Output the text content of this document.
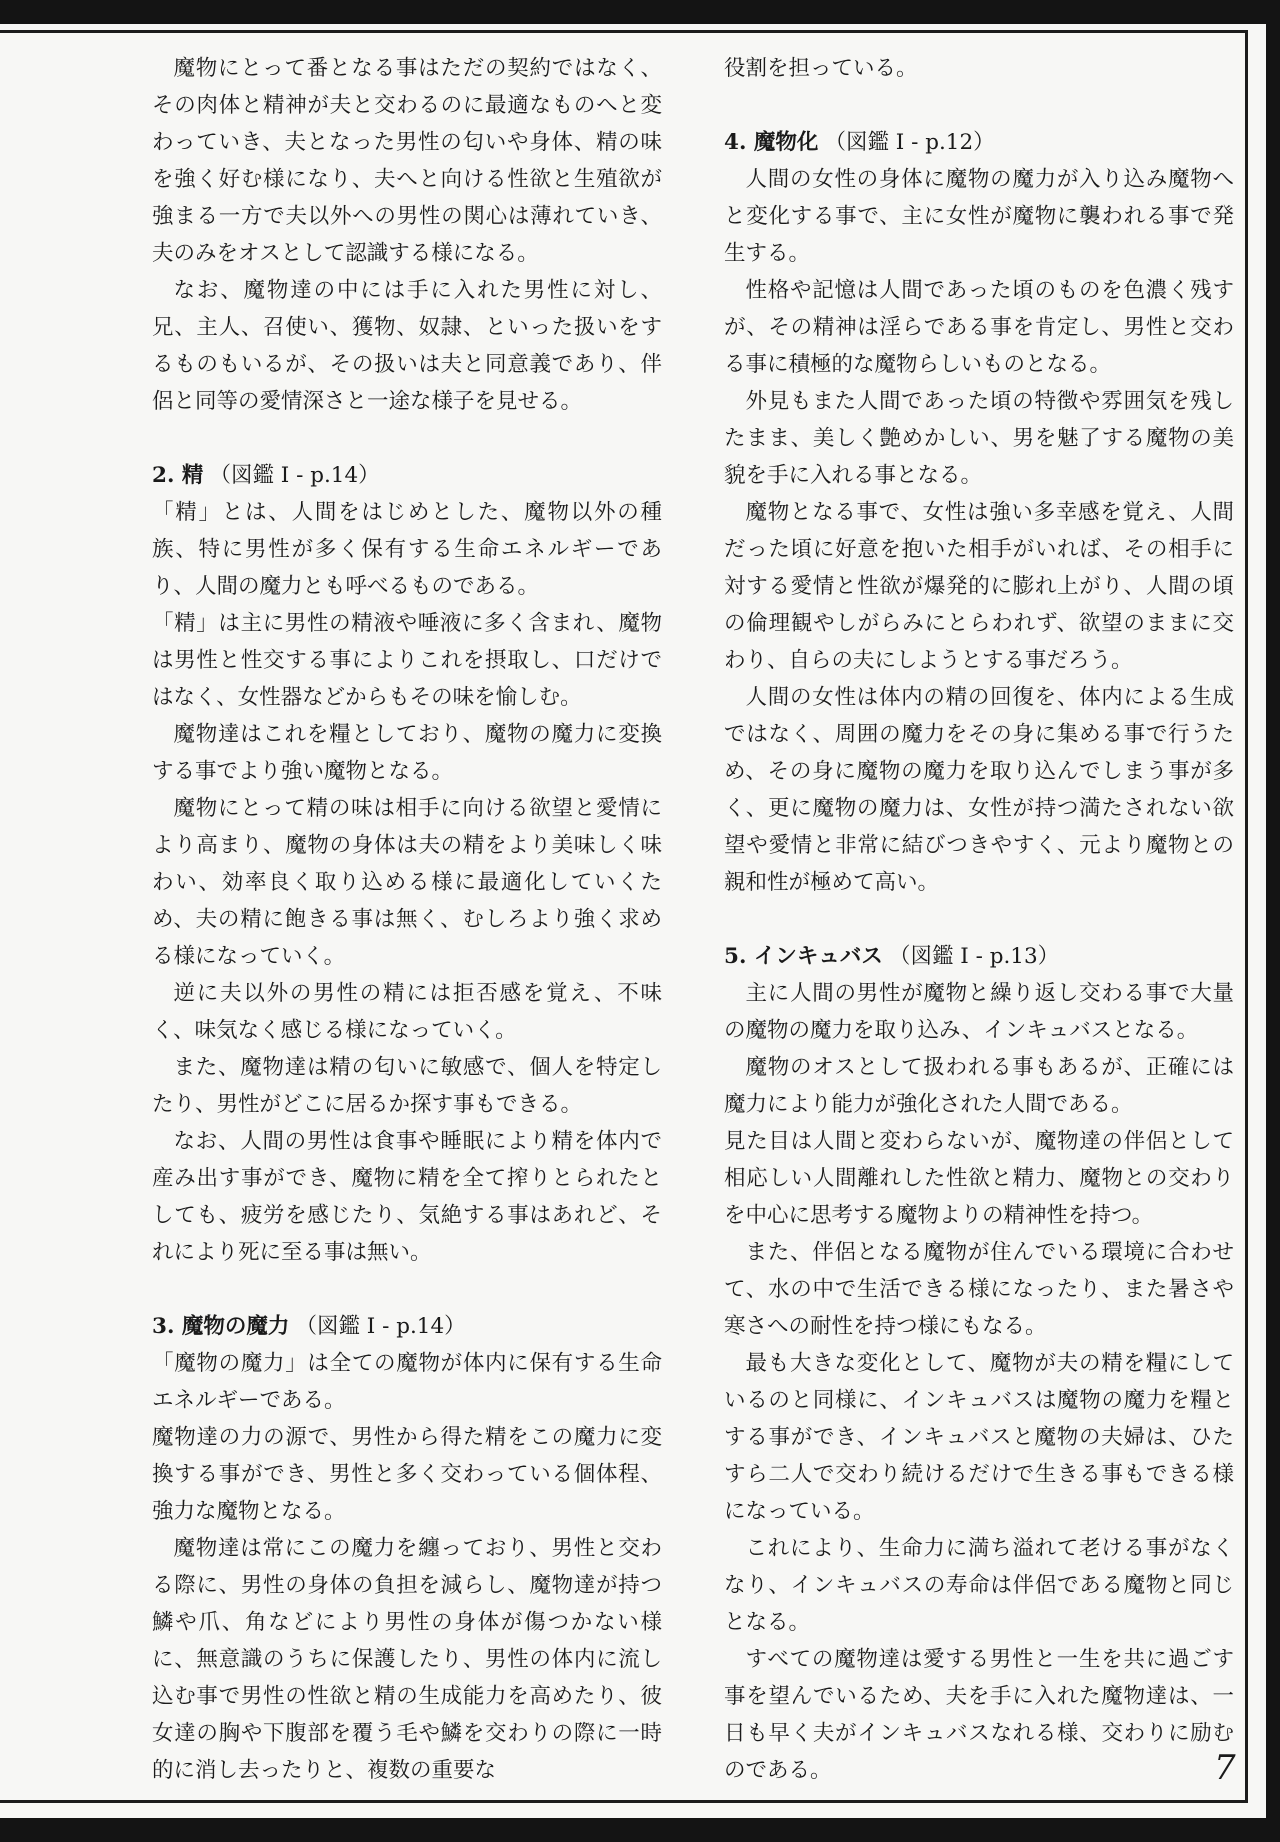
魔物にとって番となる事はただの契約ではなく、その肉体と精神が夫と交わるのに最適なものへと変わっていき、夫となった男性の匂いや身体、精の味を強く好む様になり、夫へと向ける性欲と生殖欲が強まる一方で夫以外への男性の関心は薄れていき、夫のみをオスとして認識する様になる。

なお、魔物達の中には手に入れた男性に対し、兄、主人、召使い、獲物、奴隷、といった扱いをするものもいるが、その扱いは夫と同意義であり、伴侶と同等の愛情深さと一途な様子を見せる。

2. 精 （図鑑 I - p.14）

「精」とは、人間をはじめとした、魔物以外の種族、特に男性が多く保有する生命エネルギーであり、人間の魔力とも呼べるものである。

「精」は主に男性の精液や唾液に多く含まれ、魔物は男性と性交する事によりこれを摂取し、口だけではなく、女性器などからもその味を愉しむ。

魔物達はこれを糧としており、魔物の魔力に変換する事でより強い魔物となる。

魔物にとって精の味は相手に向ける欲望と愛情により高まり、魔物の身体は夫の精をより美味しく味わい、効率良く取り込める様に最適化していくため、夫の精に飽きる事は無く、むしろより強く求める様になっていく。

逆に夫以外の男性の精には拒否感を覚え、不味く、味気なく感じる様になっていく。

また、魔物達は精の匂いに敏感で、個人を特定したり、男性がどこに居るか探す事もできる。

なお、人間の男性は食事や睡眠により精を体内で産み出す事ができ、魔物に精を全て搾りとられたとしても、疲労を感じたり、気絶する事はあれど、それにより死に至る事は無い。

3. 魔物の魔力 （図鑑 I - p.14）

「魔物の魔力」は全ての魔物が体内に保有する生命エネルギーである。

魔物達の力の源で、男性から得た精をこの魔力に変換する事ができ、男性と多く交わっている個体程、強力な魔物となる。

魔物達は常にこの魔力を纏っており、男性と交わる際に、男性の身体の負担を減らし、魔物達が持つ鱗や爪、角などにより男性の身体が傷つかない様に、無意識のうちに保護したり、男性の体内に流し込む事で男性の性欲と精の生成能力を高めたり、彼女達の胸や下腹部を覆う毛や鱗を交わりの際に一時的に消し去ったりと、複数の重要な

役割を担っている。

4. 魔物化 （図鑑 I - p.12）

人間の女性の身体に魔物の魔力が入り込み魔物へと変化する事で、主に女性が魔物に襲われる事で発生する。

性格や記憶は人間であった頃のものを色濃く残すが、その精神は淫らである事を肯定し、男性と交わる事に積極的な魔物らしいものとなる。

外見もまた人間であった頃の特徴や雰囲気を残したまま、美しく艶めかしい、男を魅了する魔物の美貌を手に入れる事となる。

魔物となる事で、女性は強い多幸感を覚え、人間だった頃に好意を抱いた相手がいれば、その相手に対する愛情と性欲が爆発的に膨れ上がり、人間の頃の倫理観やしがらみにとらわれず、欲望のままに交わり、自らの夫にしようとする事だろう。

人間の女性は体内の精の回復を、体内による生成ではなく、周囲の魔力をその身に集める事で行うため、その身に魔物の魔力を取り込んでしまう事が多く、更に魔物の魔力は、女性が持つ満たされない欲望や愛情と非常に結びつきやすく、元より魔物との親和性が極めて高い。

5. インキュバス （図鑑 I - p.13）

主に人間の男性が魔物と繰り返し交わる事で大量の魔物の魔力を取り込み、インキュバスとなる。

魔物のオスとして扱われる事もあるが、正確には魔力により能力が強化された人間である。

見た目は人間と変わらないが、魔物達の伴侶として相応しい人間離れした性欲と精力、魔物との交わりを中心に思考する魔物よりの精神性を持つ。

また、伴侶となる魔物が住んでいる環境に合わせて、水の中で生活できる様になったり、また暑さや寒さへの耐性を持つ様にもなる。

最も大きな変化として、魔物が夫の精を糧にしているのと同様に、インキュバスは魔物の魔力を糧とする事ができ、インキュバスと魔物の夫婦は、ひたすら二人で交わり続けるだけで生きる事もできる様になっている。

これにより、生命力に満ち溢れて老ける事がなくなり、インキュバスの寿命は伴侶である魔物と同じとなる。

すべての魔物達は愛する男性と一生を共に過ごす事を望んでいるため、夫を手に入れた魔物達は、一日も早く夫がインキュバスなれる様、交わりに励むのである。	7
